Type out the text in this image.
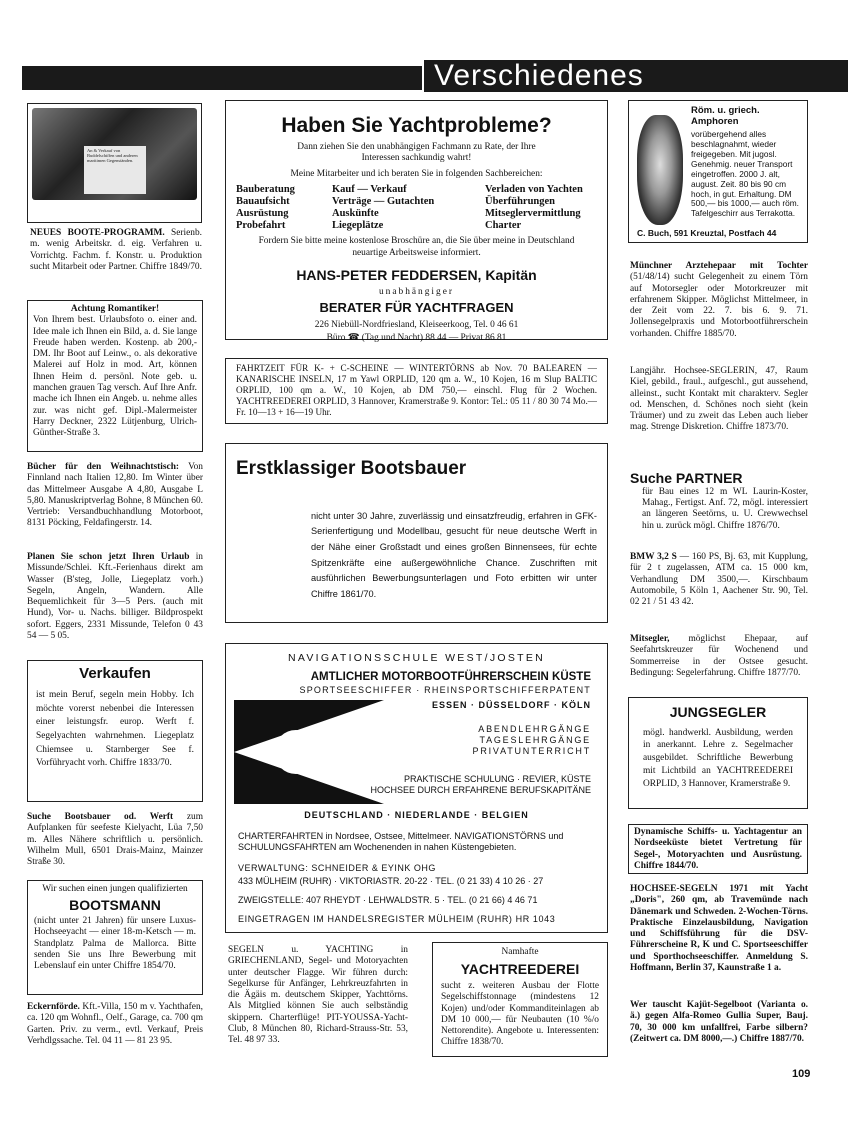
Verschiedenes
An & Verkauf von Buddelschiffen und anderen maritimen Gegenständen.
NEUES BOOTE-PROGRAMM. Serienb. m. wenig Arbeitskr. d. eig. Verfahren u. Vorrichtg. Fachm. f. Konstr. u. Produktion sucht Mitarbeit oder Partner. Chiffre 1849/70.
Achtung Romantiker!
Von Ihrem best. Urlaubsfoto o. einer and. Idee male ich Ihnen ein Bild, a. d. Sie lange Freude haben werden. Kostenp. ab 200,-DM. Ihr Boot auf Leinw., o. als dekorative Malerei auf Holz in mod. Art, können Ihnen Heim d. persönl. Note geb. u. manchen grauen Tag versch. Auf Ihre Anfr. mache ich Ihnen ein Angeb. u. nehme alles zur. was nicht gef. Dipl.-Malermeister Harry Deckner, 2322 Lütjenburg, Ulrich-Günther-Straße 3.
Bücher für den Weihnachtstisch: Von Finnland nach Italien 12,80. Im Winter über das Mittelmeer Ausgabe A 4,80, Ausgabe L 5,80. Manuskriptverlag Bohne, 8 München 60. Vertrieb: Versandbuchhandlung Motorboot, 8131 Pöcking, Feldafingerstr. 14.
Planen Sie schon jetzt Ihren Urlaub in Missunde/Schlei. Kft.-Ferienhaus direkt am Wasser (B'steg, Jolle, Liegeplatz vorh.) Segeln, Angeln, Wandern. Alle Bequemlichkeit für 3—5 Pers. (auch mit Hund), Vor- u. Nachs. billiger. Bildprospekt sofort. Eggers, 2331 Missunde, Telefon 0 43 54 — 5 05.
Verkaufen
ist mein Beruf, segeln mein Hobby. Ich möchte vorerst nebenbei die Interessen einer leistungsfr. europ. Werft f. Segelyachten wahrnehmen. Liegeplatz Chiemsee u. Starnberger See f. Vorführyacht vorh. Chiffre 1833/70.
Suche Bootsbauer od. Werft zum Aufplanken für seefeste Kielyacht, Lüa 7,50 m. Alles Nähere schriftlich u. persönlich. Wilhelm Mull, 6501 Drais-Mainz, Mainzer Straße 30.
Wir suchen einen jungen qualifizierten
BOOTSMANN
(nicht unter 21 Jahren) für unsere Luxus-Hochseeyacht — einer 18-m-Ketsch — m. Standplatz Palma de Mallorca. Bitte senden Sie uns Ihre Bewerbung mit Lebenslauf ein unter Chiffre 1854/70.
Eckernförde. Kft.-Villa, 150 m v. Yachthafen, ca. 120 qm Wohnfl., Oelf., Garage, ca. 700 qm Garten. Priv. zu verm., evtl. Verkauf, Preis Verhdlgssache. Tel. 04 11 — 81 23 95.
Haben Sie Yachtprobleme?
Dann ziehen Sie den unabhängigen Fachmann zu Rate, der Ihre Interessen sachkundig wahrt!
Meine Mitarbeiter und ich beraten Sie in folgenden Sachbereichen:
Bauberatung	Kauf — Verkauf	Verladen von Yachten
Bauaufsicht	Verträge — Gutachten	Überführungen
Ausrüstung	Auskünfte	Mitseglervermittlung
Probefahrt	Liegeplätze	Charter
Fordern Sie bitte meine kostenlose Broschüre an, die Sie über meine in Deutschland neuartige Arbeitsweise informiert.
HANS-PETER FEDDERSEN, Kapitän
unabhängiger
BERATER FÜR YACHTFRAGEN
226 Niebüll-Nordfriesland, Kleiseerkoog, Tel. 0 46 61
Büro ☎ (Tag und Nacht) 88 44 — Privat 86 81
FAHRTZEIT FÜR K- + C-SCHEINE — WINTERTÖRNS ab Nov. 70 BALEAREN — KANARISCHE INSELN, 17 m Yawl ORPLID, 120 qm a. W., 10 Kojen, 16 m Slup BALTIC ORPLID, 100 qm a. W., 10 Kojen, ab DM 750,— einschl. Flug für 2 Wochen. YACHTREEDEREI ORPLID, 3 Hannover, Kramerstraße 9. Kontor: Tel.: 05 11 / 80 30 74 Mo.—Fr. 10—13 + 16—19 Uhr.
Erstklassiger Bootsbauer
nicht unter 30 Jahre, zuverlässig und einsatzfreudig, erfahren in GFK-Serienfertigung und Modellbau, gesucht für neue deutsche Werft in der Nähe einer Großstadt und eines großen Binnensees, für echte Spitzenkräfte eine außergewöhnliche Chance. Zuschriften mit ausführlichen Bewerbungsunterlagen und Foto erbitten wir unter Chiffre 1861/70.
NAVIGATIONSSCHULE WEST/JOSTEN
AMTLICHER MOTORBOOTFÜHRERSCHEIN KÜSTE
SPORTSEESCHIFFER · RHEINSPORTSCHIFFERPATENT
ESSEN · DÜSSELDORF · KÖLN
ABENDLEHRGÄNGE
TAGESLEHRGÄNGE
PRIVATUNTERRICHT
PRAKTISCHE SCHULUNG · REVIER, KÜSTE
HOCHSEE DURCH ERFAHRENE BERUFSKAPITÄNE
DEUTSCHLAND · NIEDERLANDE · BELGIEN
CHARTERFAHRTEN in Nordsee, Ostsee, Mittelmeer. NAVIGATIONSTÖRNS und SCHULUNGSFAHRTEN am Wochenenden in nahen Küstengebieten.
VERWALTUNG: SCHNEIDER & EYINK OHG
433 MÜLHEIM (RUHR) · VIKTORIASTR. 20-22 · TEL. (0 21 33) 4 10 26 · 27
ZWEIGSTELLE: 407 RHEYDT · LEHWALDSTR. 5 · TEL. (0 21 66) 4 46 71
EINGETRAGEN IM HANDELSREGISTER MÜLHEIM (RUHR) HR 1043
SEGELN u. YACHTING in GRIECHENLAND, Segel- und Motoryachten unter deutscher Flagge. Wir führen durch: Segelkurse für Anfänger, Lehrkreuzfahrten in die Ägäis m. deutschem Skipper, Yachttörns. Als Mitglied können Sie auch selbständig skippern. Charterflüge! PIT-YOUSSA-Yacht-Club, 8 München 80, Richard-Strauss-Str. 53, Tel. 48 97 33.
Namhafte
YACHTREEDEREI
sucht z. weiteren Ausbau der Flotte Segelschiffstonnage (mindestens 12 Kojen) und/oder Kommanditeinlagen ab DM 10 000,— für Neubauten (10 %/o Nettorendite). Angebote u. Interessenten: Chiffre 1838/70.
Röm. u. griech. Amphoren
vorübergehend alles beschlagnahmt, wieder freigegeben. Mit jugosl. Genehmig. neuer Transport eingetroffen. 2000 J. alt, august. Zeit. 80 bis 90 cm hoch, in gut. Erhaltung. DM 500,— bis 1000,— auch röm. Tafelgeschirr aus Terrakotta.
C. Buch, 591 Kreuztal, Postfach 44
Münchner Arztehepaar mit Tochter (51/48/14) sucht Gelegenheit zu einem Törn auf Motorsegler oder Motorkreuzer mit erfahrenem Skipper. Möglichst Mittelmeer, in der Zeit vom 22. 7. bis 6. 9. 71. Jollensegelpraxis und Motorbootführerschein vorhanden. Chiffre 1885/70.
Langjähr. Hochsee-SEGLERIN, 47, Raum Kiel, gebild., fraul., aufgeschl., gut aussehend, alleinst., sucht Kontakt mit charakterv. Segler od. Menschen, d. Schönes noch sieht (kein Träumer) und zu zweit das Leben auch lieber mag. Strenge Diskretion. Chiffre 1873/70.
Suche PARTNER
für Bau eines 12 m WL Laurin-Koster, Mahag., Fertigst. Anf. 72, mögl. interessiert an längeren Seetörns, u. U. Crewwechsel hin u. zurück mögl. Chiffre 1876/70.
BMW 3,2 S — 160 PS, Bj. 63, mit Kupplung, für 2 t zugelassen, ATM ca. 15 000 km, Verhandlung DM 3500,—. Kirschbaum Automobile, 5 Köln 1, Aachener Str. 90, Tel. 02 21 / 51 43 42.
Mitsegler, möglichst Ehepaar, auf Seefahrtskreuzer für Wochenend und Sommerreise in der Ostsee gesucht. Bedingung: Segelerfahrung. Chiffre 1877/70.
JUNGSEGLER
mögl. handwerkl. Ausbildung, werden in anerkannt. Lehre z. Segelmacher ausgebildet. Schriftliche Bewerbung mit Lichtbild an YACHTREEDEREI ORPLID, 3 Hannover, Kramerstraße 9.
Dynamische Schiffs- u. Yachtagentur an Nordseeküste bietet Vertretung für Segel-, Motoryachten und Ausrüstung. Chiffre 1844/70.
HOCHSEE-SEGELN 1971 mit Yacht „Doris", 260 qm, ab Travemünde nach Dänemark und Schweden. 2-Wochen-Törns. Praktische Einzelausbildung, Navigation und Schiffsführung für die DSV-Führerscheine R, K und C. Sportseeschiffer und Sporthochseeschiffer. Anmeldung S. Hoffmann, Berlin 37, Kaunstraße 1 a.
Wer tauscht Kajüt-Segelboot (Varianta o. ä.) gegen Alfa-Romeo Gullia Super, Bauj. 70, 30 000 km unfallfrei, Farbe silbern? (Zeitwert ca. DM 8000,—.) Chiffre 1887/70.
109
